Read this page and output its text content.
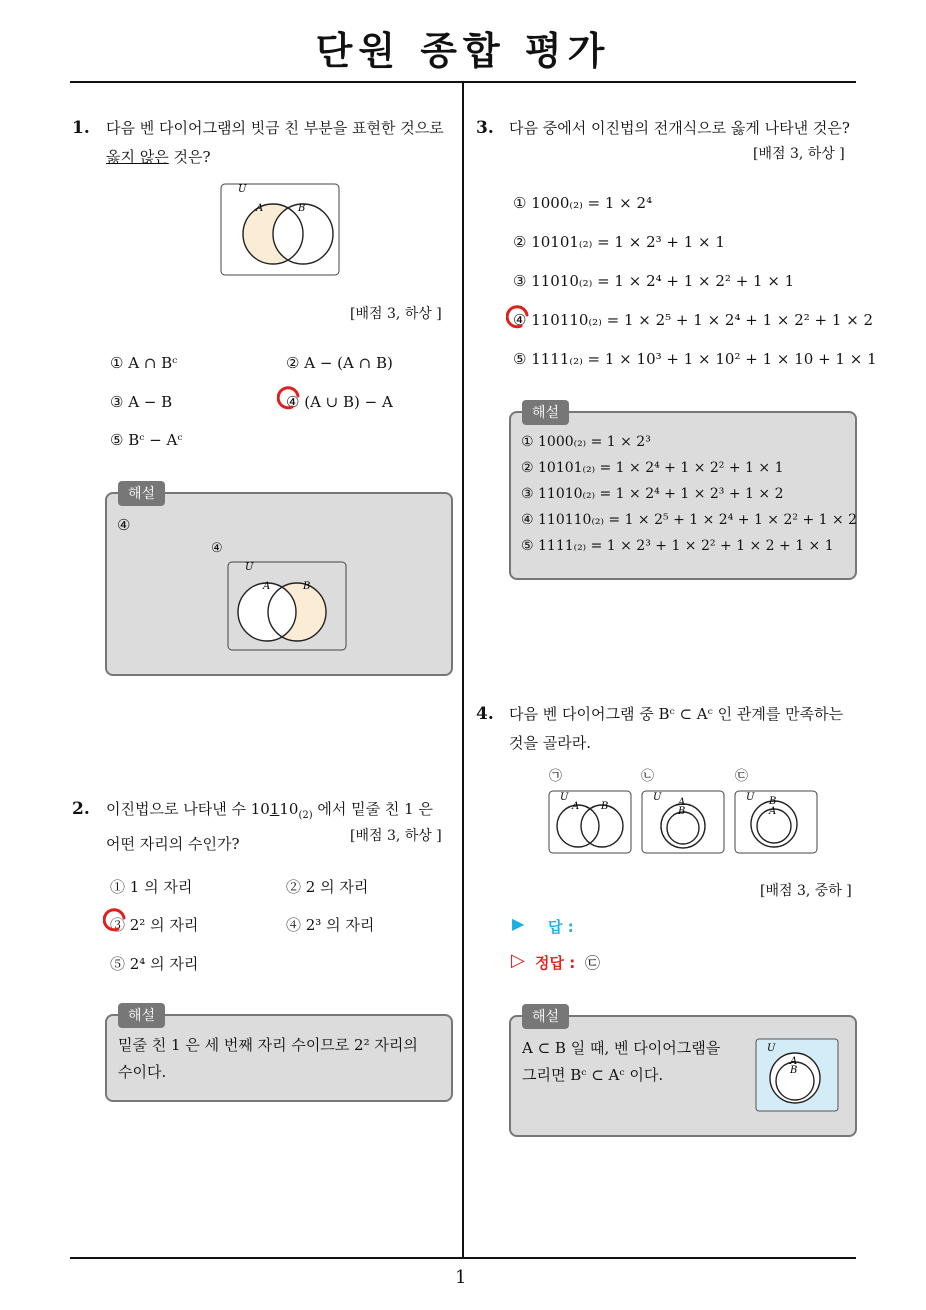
단원 종합 평가
1
1. 다음 벤 다이어그램의 빗금 친 부분을 표현한 것으로
옳지 않은 것은?
U
A	B
[배점 3, 하상 ]
① A ∩ Bᶜ	② A − (A ∩ B)
③ A − B	④ (A ∪ B) − A
⑤ Bᶜ − Aᶜ
해설
④
④
U
A	B
2. 이진법으로 나타낸 수 $10110_{(2)}$ 에서 밑줄 친 1 은
어떤 자리의 수인가?	[배점 3, 하상 ]
① 1 의 자리	② 2 의 자리
③ 2² 의 자리	④ 2³ 의 자리
⑤ 2⁴ 의 자리
해설
밑줄 친 1 은 세 번째 자리 수이므로 2² 자리의
수이다.
3. 다음 중에서 이진법의 전개식으로 옳게 나타낸 것은?
[배점 3, 하상 ]
① 1000₍₂₎ = 1 × 2⁴
② 10101₍₂₎ = 1 × 2³ + 1 × 1
③ 11010₍₂₎ = 1 × 2⁴ + 1 × 2² + 1 × 1
④ 110110₍₂₎ = 1 × 2⁵ + 1 × 2⁴ + 1 × 2² + 1 × 2
⑤ 1111₍₂₎ = 1 × 10³ + 1 × 10² + 1 × 10 + 1 × 1
해설
① 1000₍₂₎ = 1 × 2³
② 10101₍₂₎ = 1 × 2⁴ + 1 × 2² + 1 × 1
③ 11010₍₂₎ = 1 × 2⁴ + 1 × 2³ + 1 × 2
④ 110110₍₂₎ = 1 × 2⁵ + 1 × 2⁴ + 1 × 2² + 1 × 2
⑤ 1111₍₂₎ = 1 × 2³ + 1 × 2² + 1 × 2 + 1 × 1
4. 다음 벤 다이어그램 중 Bᶜ ⊂ Aᶜ 인 관계를 만족하는
것을 골라라.
㉠	㉡	㉢
U
A B
U A
B
U B
A
[배점 3, 중하 ]
▶ 답 :
▷ 정답 : ㉢
해설
A ⊂ B 일 때, 벤 다이어그램을
그리면 Bᶜ ⊂ Aᶜ 이다.
U
A
B
